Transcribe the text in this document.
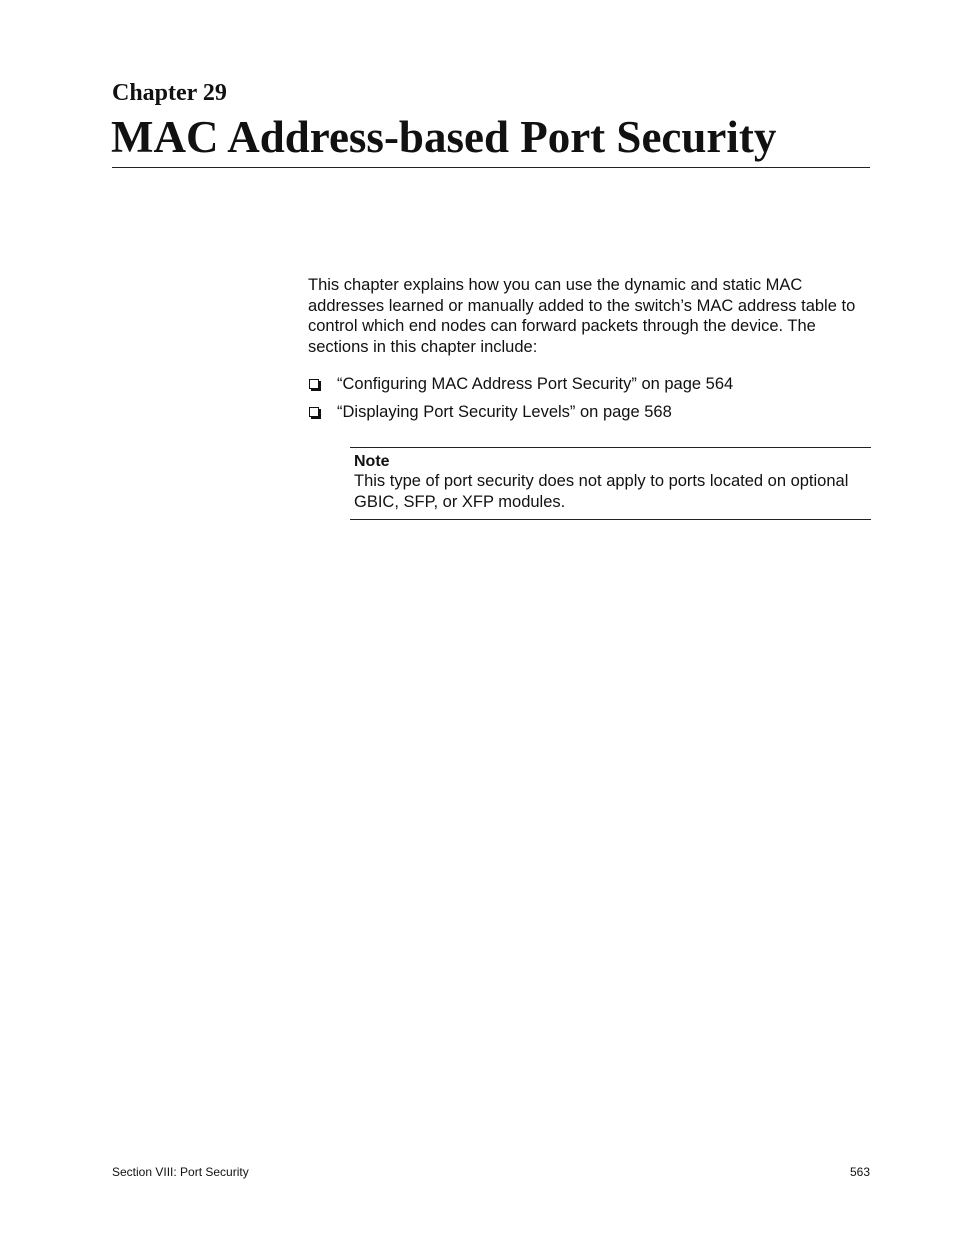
Chapter 29
MAC Address-based Port Security

This chapter explains how you can use the dynamic and static MAC addresses learned or manually added to the switch’s MAC address table to control which end nodes can forward packets through the device. The sections in this chapter include:

“Configuring MAC Address Port Security” on page 564
“Displaying Port Security Levels” on page 568
Note
This type of port security does not apply to ports located on optional GBIC, SFP, or XFP modules.
Section VIII: Port Security	563
